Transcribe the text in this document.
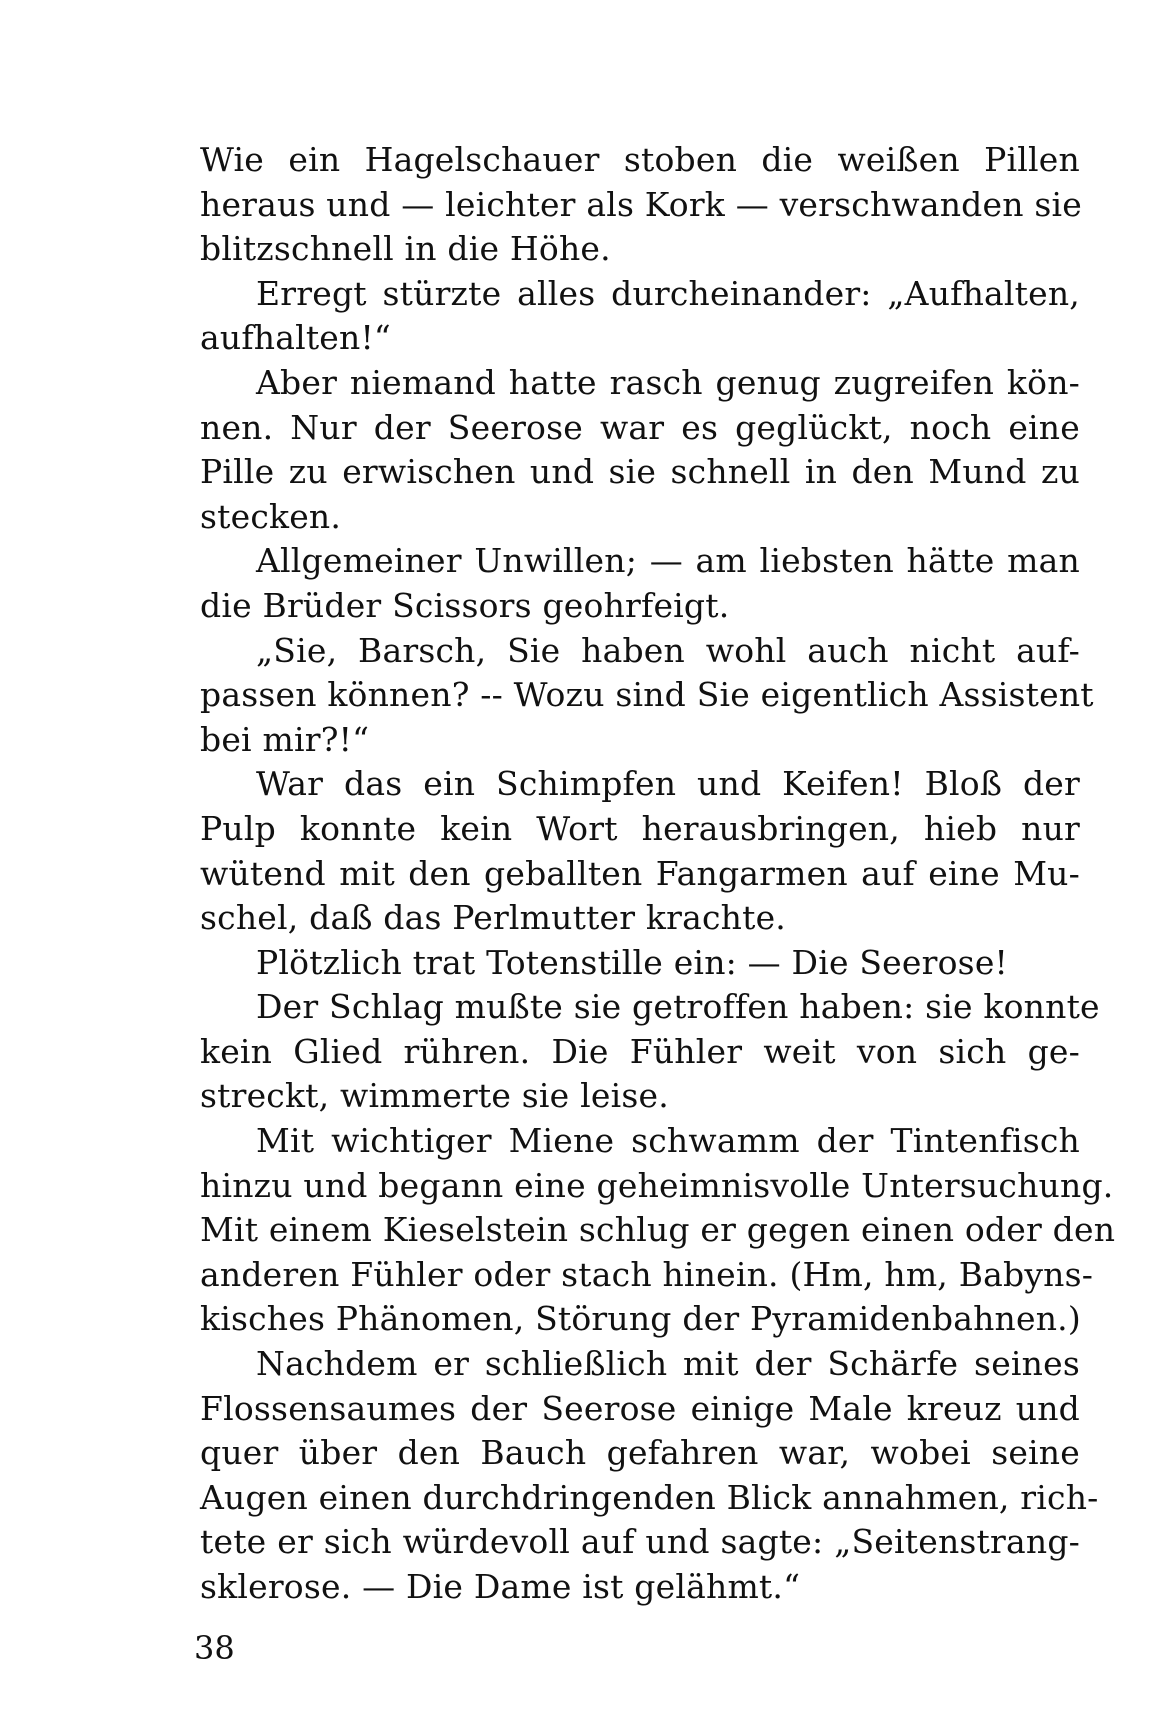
Wie ein Hagelschauer stoben die weißen Pillen
heraus und — leichter als Kork — verschwanden sie
blitzschnell in die Höhe.
Erregt stürzte alles durcheinander: „Aufhalten,
aufhalten!“
Aber niemand hatte rasch genug zugreifen kön-
nen. Nur der Seerose war es geglückt, noch eine
Pille zu erwischen und sie schnell in den Mund zu
stecken.
Allgemeiner Unwillen; — am liebsten hätte man
die Brüder Scissors geohrfeigt.
„Sie, Barsch, Sie haben wohl auch nicht auf-
passen können? -- Wozu sind Sie eigentlich Assistent
bei mir?!“
War das ein Schimpfen und Keifen! Bloß der
Pulp konnte kein Wort herausbringen, hieb nur
wütend mit den geballten Fangarmen auf eine Mu-
schel, daß das Perlmutter krachte.
Plötzlich trat Totenstille ein: — Die Seerose!
Der Schlag mußte sie getroffen haben: sie konnte
kein Glied rühren. Die Fühler weit von sich ge-
streckt, wimmerte sie leise.
Mit wichtiger Miene schwamm der Tintenfisch
hinzu und begann eine geheimnisvolle Untersuchung.
Mit einem Kieselstein schlug er gegen einen oder den
anderen Fühler oder stach hinein. (Hm, hm, Babyns-
kisches Phänomen, Störung der Pyramidenbahnen.)
Nachdem er schließlich mit der Schärfe seines
Flossensaumes der Seerose einige Male kreuz und
quer über den Bauch gefahren war, wobei seine
Augen einen durchdringenden Blick annahmen, rich-
tete er sich würdevoll auf und sagte: „Seitenstrang-
sklerose. — Die Dame ist gelähmt.“
38
